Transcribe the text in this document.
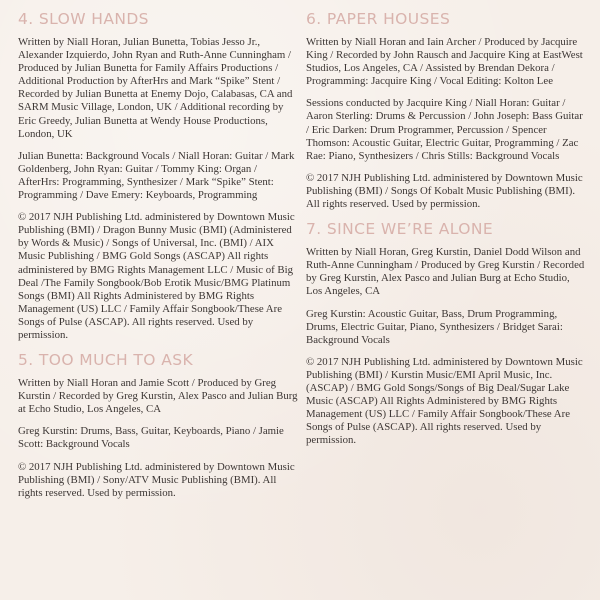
4. SLOW HANDS

Written by Niall Horan, Julian Bunetta, Tobias Jesso Jr., Alexander Izquierdo, John Ryan and Ruth-Anne Cunningham / Produced by Julian Bunetta for Family Affairs Productions / Additional Production by AfterHrs and Mark “Spike” Stent / Recorded by Julian Bunetta at Enemy Dojo, Calabasas, CA and SARM Music Village, London, UK / Additional recording by Eric Greedy, Julian Bunetta at Wendy House Productions, London, UK

Julian Bunetta: Background Vocals / Niall Horan: Guitar / Mark Goldenberg, John Ryan: Guitar / Tommy King: Organ / AfterHrs: Programming, Synthesizer / Mark “Spike” Stent: Programming / Dave Emery: Keyboards, Programming

© 2017 NJH Publishing Ltd. administered by Downtown Music Publishing (BMI) / Dragon Bunny Music (BMI) (Administered by Words & Music) / Songs of Universal, Inc. (BMI) / AIX Music Publishing / BMG Gold Songs (ASCAP) All rights administered by BMG Rights Management LLC / Music of Big Deal /The Family Songbook/Bob Erotik Music/BMG Platinum Songs (BMI) All Rights Administered by BMG Rights Management (US) LLC / Family Affair Songbook/These Are Songs of Pulse (ASCAP). All rights reserved. Used by permission.

5. TOO MUCH TO ASK

Written by Niall Horan and Jamie Scott / Produced by Greg Kurstin / Recorded by Greg Kurstin, Alex Pasco and Julian Burg at Echo Studio, Los Angeles, CA

Greg Kurstin: Drums, Bass, Guitar, Keyboards, Piano / Jamie Scott: Background Vocals

© 2017 NJH Publishing Ltd. administered by Downtown Music Publishing (BMI) / Sony/ATV Music Publishing (BMI). All rights reserved. Used by permission.

6. PAPER HOUSES

Written by Niall Horan and Iain Archer / Produced by Jacquire King / Recorded by John Rausch and Jacquire King at EastWest Studios, Los Angeles, CA / Assisted by Brendan Dekora / Programming: Jacquire King / Vocal Editing: Kolton Lee

Sessions conducted by Jacquire King / Niall Horan: Guitar / Aaron Sterling: Drums & Percussion / John Joseph: Bass Guitar / Eric Darken: Drum Programmer, Percussion / Spencer Thomson: Acoustic Guitar, Electric Guitar, Programming / Zac Rae: Piano, Synthesizers / Chris Stills: Background Vocals

© 2017 NJH Publishing Ltd. administered by Downtown Music Publishing (BMI) / Songs Of Kobalt Music Publishing (BMI). All rights reserved. Used by permission.

7. SINCE WE’RE ALONE

Written by Niall Horan, Greg Kurstin, Daniel Dodd Wilson and Ruth-Anne Cunningham / Produced by Greg Kurstin / Recorded by Greg Kurstin, Alex Pasco and Julian Burg at Echo Studio, Los Angeles, CA

Greg Kurstin: Acoustic Guitar, Bass, Drum Programming, Drums, Electric Guitar, Piano, Synthesizers / Bridget Sarai: Background Vocals

© 2017 NJH Publishing Ltd. administered by Downtown Music Publishing (BMI) / Kurstin Music/EMI April Music, Inc. (ASCAP) / BMG Gold Songs/Songs of Big Deal/Sugar Lake Music (ASCAP) All Rights Administered by BMG Rights Management (US) LLC / Family Affair Songbook/These Are Songs of Pulse (ASCAP). All rights reserved. Used by permission.
